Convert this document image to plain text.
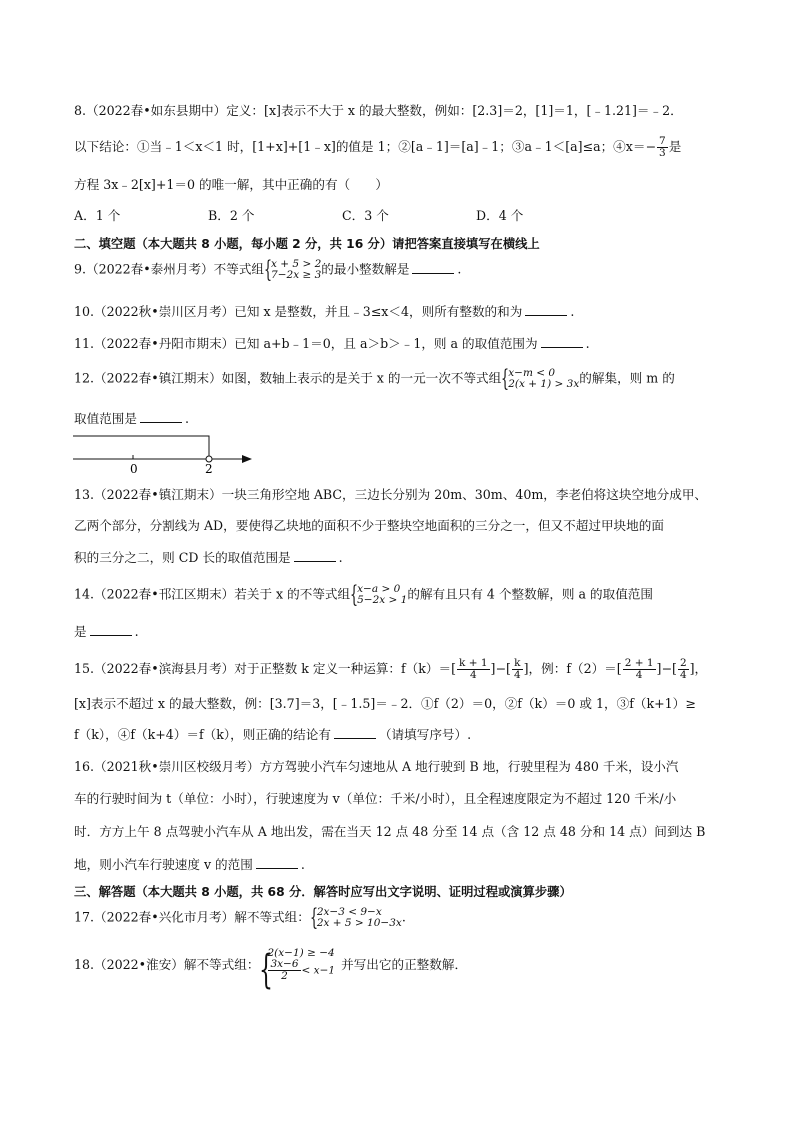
8.（2022春•如东县期中）定义：[x]表示不大于 x 的最大整数，例如：[2.3]＝2，[1]＝1，[﹣1.21]＝﹣2．
以下结论：①当﹣1＜x＜1 时，[1+x]+[1﹣x]的值是 1；②[a﹣1]＝[a]﹣1；③a﹣1＜[a]≤a；④x＝− $\frac{7}{3}$ 是
方程 3x﹣2[x]+1＝0 的唯一解，其中正确的有（　　）
A．1 个	B．2 个	C．3 个	D．4 个
二、填空题（本大题共 8 小题，每小题 2 分，共 16 分）请把答案直接填写在横线上
9.（2022春•泰州月考）不等式组 {
x + 5 > 2
7−2x ≥ 3 的最小整数解是	.
10.（2022秋•崇川区月考）已知 x 是整数，并且﹣3≤x＜4，则所有整数的和为	.
11.（2022春•丹阳市期末）已知 a+b﹣1＝0，且 a＞b＞﹣1，则 a 的取值范围为	.
12.（2022春•镇江期末）如图，数轴上表示的是关于 x 的一元一次不等式组 {
x−m < 0
2(x + 1) > 3x 的解集，则 m 的
取值范围是	.
0	2
13.（2022春•镇江期末）一块三角形空地 ABC，三边长分别为 20m、30m、40m，李老伯将这块空地分成甲、
乙两个部分，分割线为 AD，要使得乙块地的面积不少于整块空地面积的三分之一，但又不超过甲块地的面
积的三分之二，则 CD 长的取值范围是	.
14.（2022春•邗江区期末）若关于 x 的不等式组 {
x−a > 0
5−2x > 1 的解有且只有 4 个整数解，则 a 的取值范围
是	.
15.（2022春•滨海县月考）对于正整数 k 定义一种运算：$f(k)=[ \frac{k + 1}{4}$ ]−[ $\frac{k}{4}$ ]，例：$f(2)=[ \frac{2 + 1}{4}$ ]−[ $\frac{2}{4}$ ]，
[x]表示不超过 x 的最大整数，例：[3.7]＝3，[﹣1.5]＝﹣2．①f（2）＝0，②f（k）＝0 或 1，③f（k+1）≥
f（k），④f（k+4）＝f（k），则正确的结论有	（请填写序号）.
16.（2021秋•崇川区校级月考）方方驾驶小汽车匀速地从 A 地行驶到 B 地，行驶里程为 480 千米，设小汽
车的行驶时间为 t（单位：小时），行驶速度为 v（单位：千米/小时），且全程速度限定为不超过 120 千米/小
时．方方上午 8 点驾驶小汽车从 A 地出发，需在当天 12 点 48 分至 14 点（含 12 点 48 分和 14 点）间到达 B
地，则小汽车行驶速度 v 的范围	.
三、解答题（本大题共 8 小题，共 68 分．解答时应写出文字说明、证明过程或演算步骤）
17.（2022春•兴化市月考）解不等式组： {
2x−3 < 9−x
2x + 5 > 10−3x .
18.（2022•淮安）解不等式组： {
2(x−1) ≥ −4
$\frac{3x-6}{2} < x-1$ 并写出它的正整数解．
